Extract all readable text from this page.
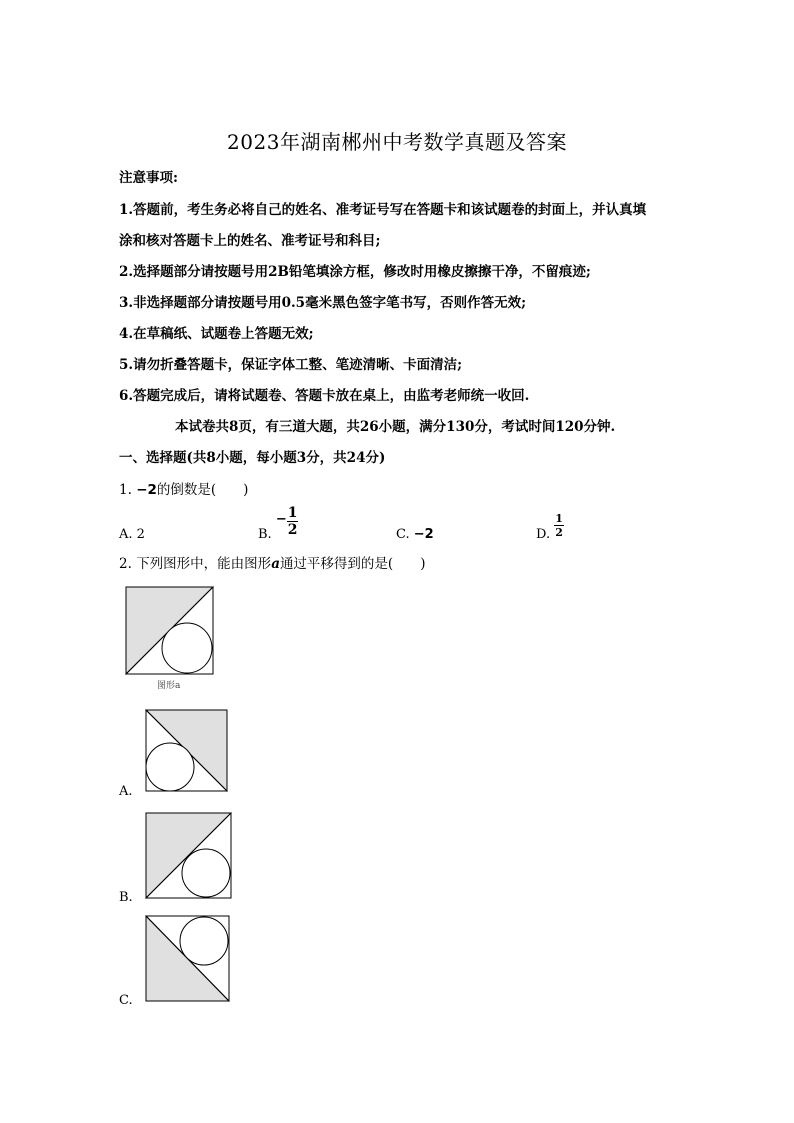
2023年湖南郴州中考数学真题及答案
注意事项:
1.答题前，考生务必将自己的姓名、准考证号写在答题卡和该试题卷的封面上，并认真填
涂和核对答题卡上的姓名、准考证号和科目;
2.选择题部分请按题号用2B铅笔填涂方框，修改时用橡皮擦擦干净，不留痕迹;
3.非选择题部分请按题号用0.5毫米黑色签字笔书写，否则作答无效;
4.在草稿纸、试题卷上答题无效;
5.请勿折叠答题卡，保证字体工整、笔迹清晰、卡面清洁;
6.答题完成后，请将试题卷、答题卡放在桌上，由监考老师统一收回.
本试卷共8页，有三道大题，共26小题，满分130分，考试时间120分钟.
一、选择题(共8小题，每小题3分，共24分)
1. −2的倒数是(　　)
A. 2	B. − $\frac{1}{2}$	C. −2	D. $\frac{1}{2}$
2. 下列图形中，能由图形a通过平移得到的是(　　)
图形a
A.
B.
C.
